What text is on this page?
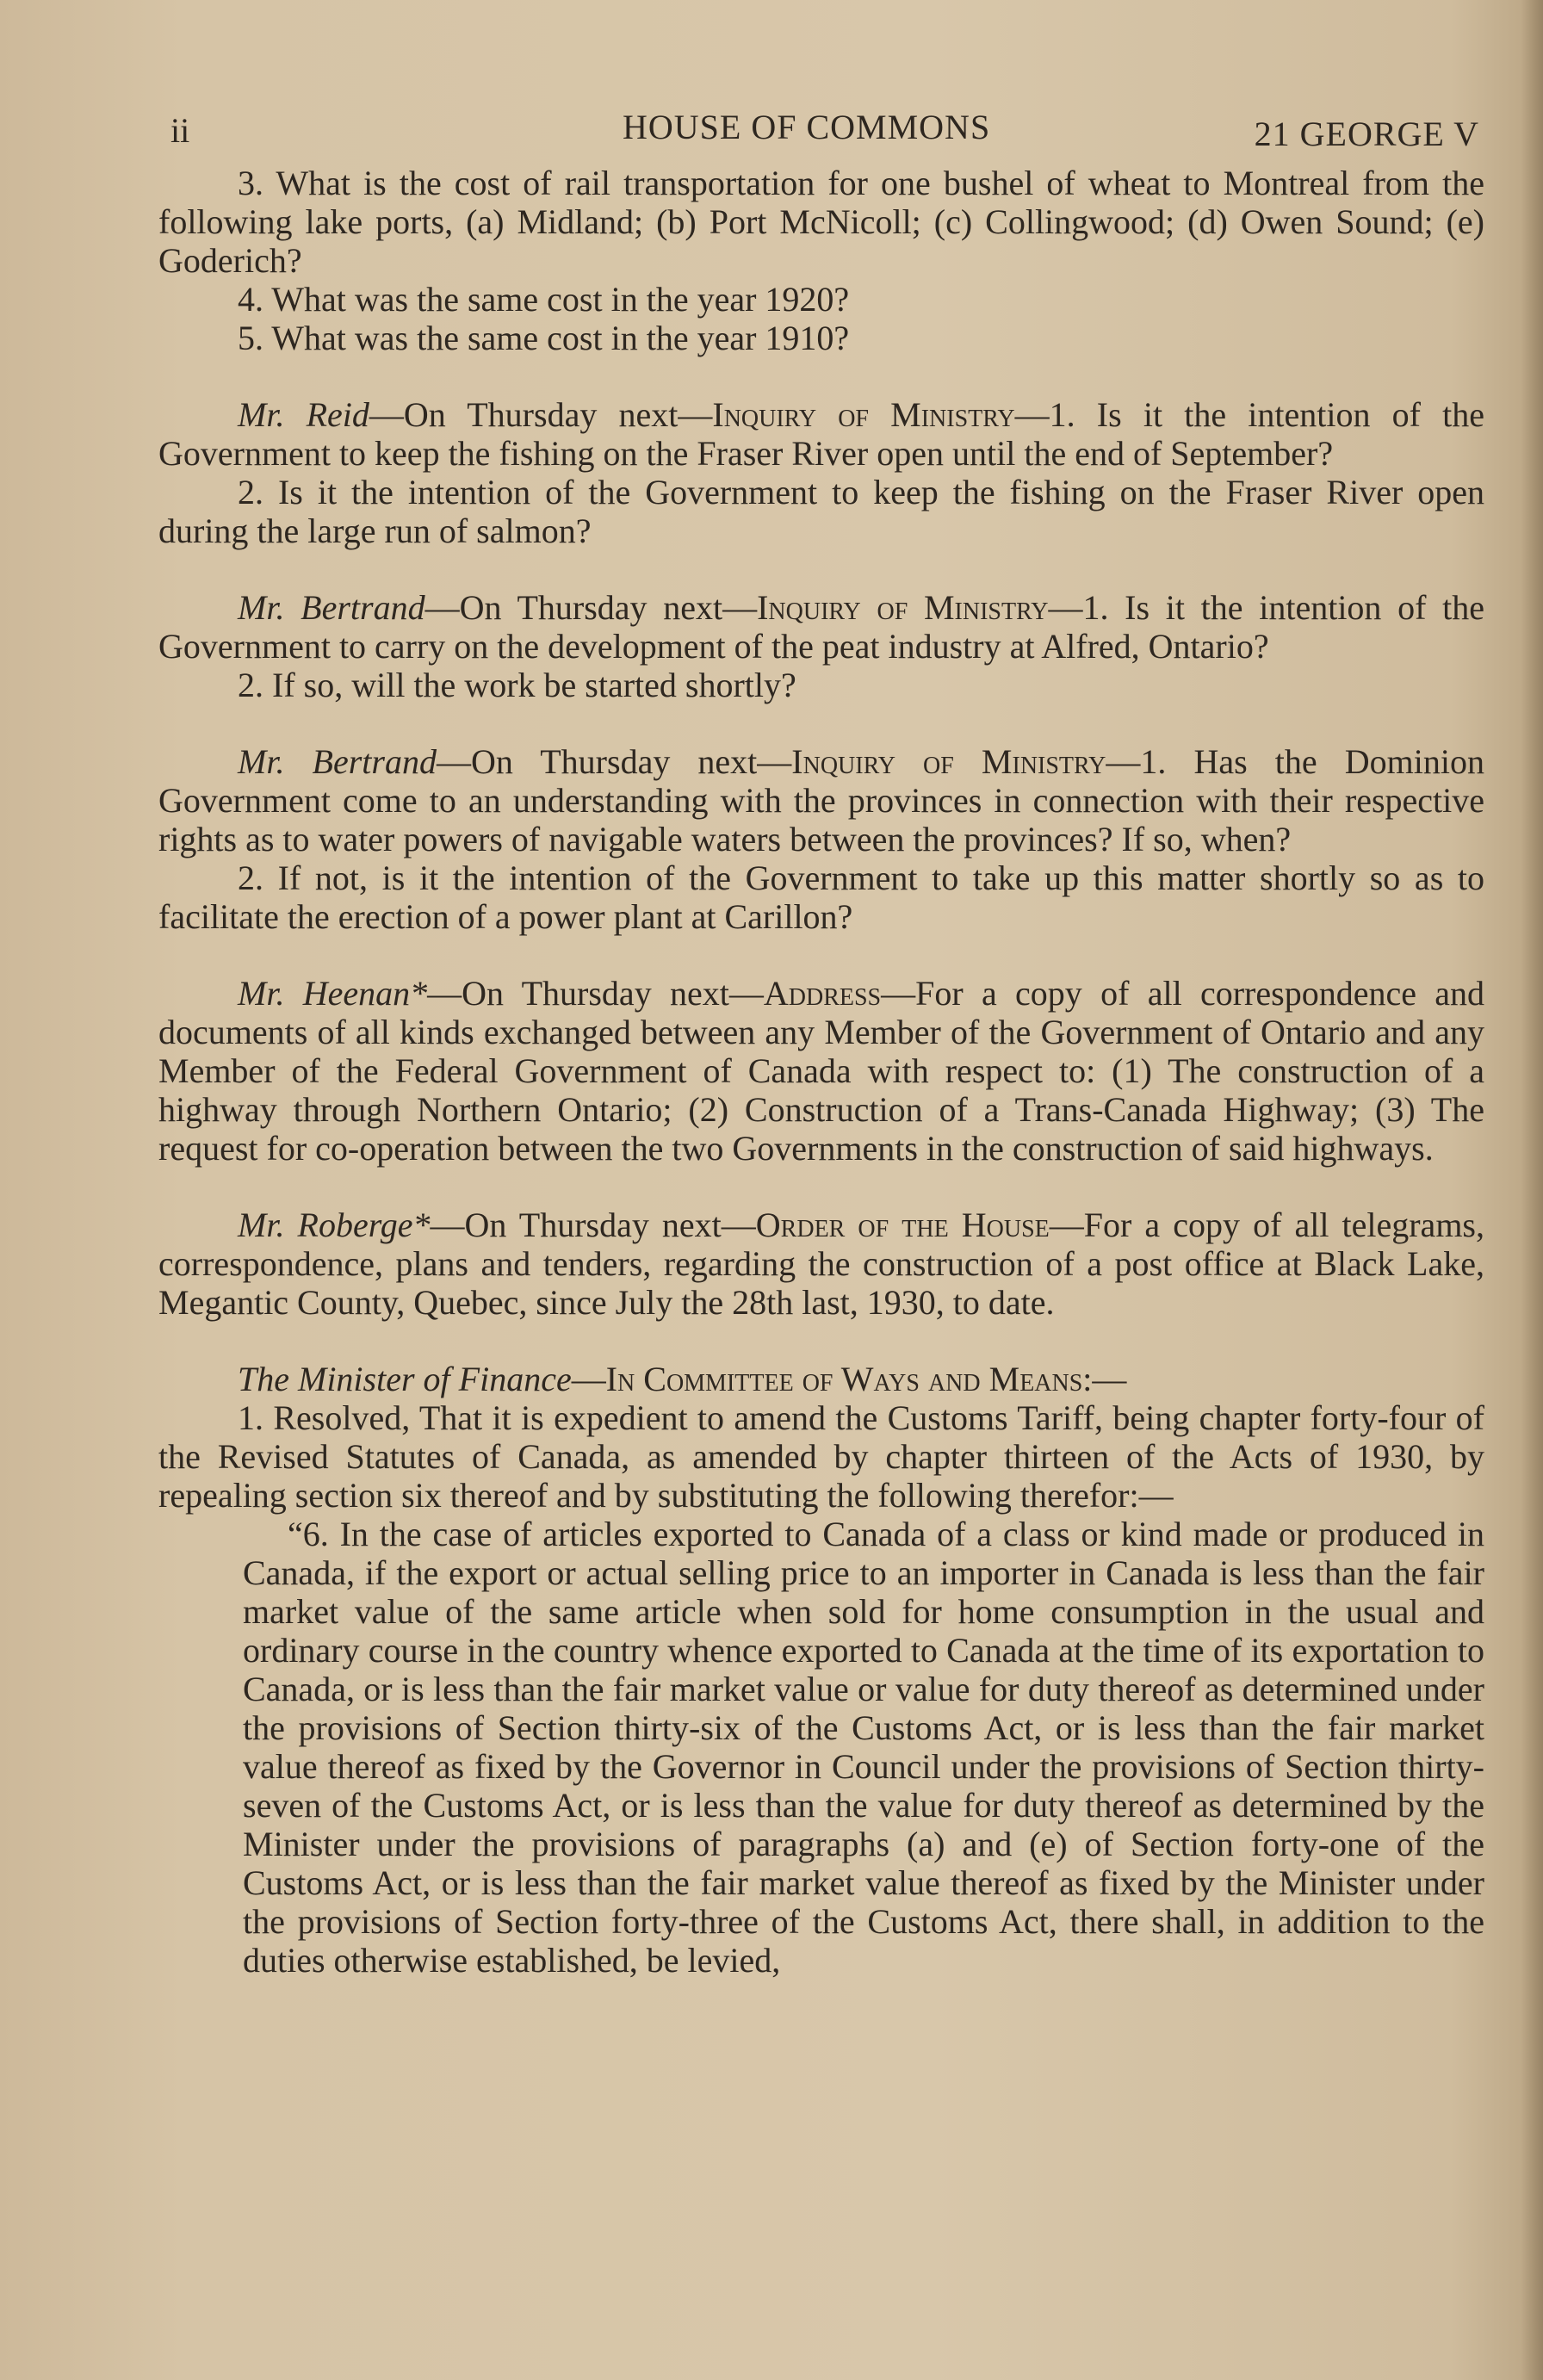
ii	HOUSE OF COMMONS	21 GEORGE V

3. What is the cost of rail transportation for one bushel of wheat to Montreal from the following lake ports, (a) Midland; (b) Port McNicoll; (c) Collingwood; (d) Owen Sound; (e) Goderich?

4. What was the same cost in the year 1920?

5. What was the same cost in the year 1910?

Mr. Reid—On Thursday next—Inquiry of Ministry—1. Is it the intention of the Government to keep the fishing on the Fraser River open until the end of September?

2. Is it the intention of the Government to keep the fishing on the Fraser River open during the large run of salmon?

Mr. Bertrand—On Thursday next—Inquiry of Ministry—1. Is it the intention of the Government to carry on the development of the peat industry at Alfred, Ontario?

2. If so, will the work be started shortly?

Mr. Bertrand—On Thursday next—Inquiry of Ministry—1. Has the Dominion Government come to an understanding with the provinces in connection with their respective rights as to water powers of navigable waters between the provinces? If so, when?

2. If not, is it the intention of the Government to take up this matter shortly so as to facilitate the erection of a power plant at Carillon?

Mr. Heenan*—On Thursday next—Address—For a copy of all correspondence and documents of all kinds exchanged between any Member of the Government of Ontario and any Member of the Federal Government of Canada with respect to: (1) The construction of a highway through Northern Ontario; (2) Construction of a Trans-Canada Highway; (3) The request for co-operation between the two Governments in the construction of said highways.

Mr. Roberge*—On Thursday next—Order of the House—For a copy of all telegrams, correspondence, plans and tenders, regarding the construction of a post office at Black Lake, Megantic County, Quebec, since July the 28th last, 1930, to date.

The Minister of Finance—In Committee of Ways and Means:—

1. Resolved, That it is expedient to amend the Customs Tariff, being chapter forty-four of the Revised Statutes of Canada, as amended by chapter thirteen of the Acts of 1930, by repealing section six thereof and by substituting the following therefor:—

“6. In the case of articles exported to Canada of a class or kind made or produced in Canada, if the export or actual selling price to an importer in Canada is less than the fair market value of the same article when sold for home consumption in the usual and ordinary course in the country whence exported to Canada at the time of its exportation to Canada, or is less than the fair market value or value for duty thereof as determined under the provisions of Section thirty-six of the Customs Act, or is less than the fair market value thereof as fixed by the Governor in Council under the provisions of Section thirty-seven of the Customs Act, or is less than the value for duty thereof as determined by the Minister under the provisions of paragraphs (a) and (e) of Section forty-one of the Customs Act, or is less than the fair market value thereof as fixed by the Minister under the provisions of Section forty-three of the Customs Act, there shall, in addition to the duties otherwise established, be levied,
